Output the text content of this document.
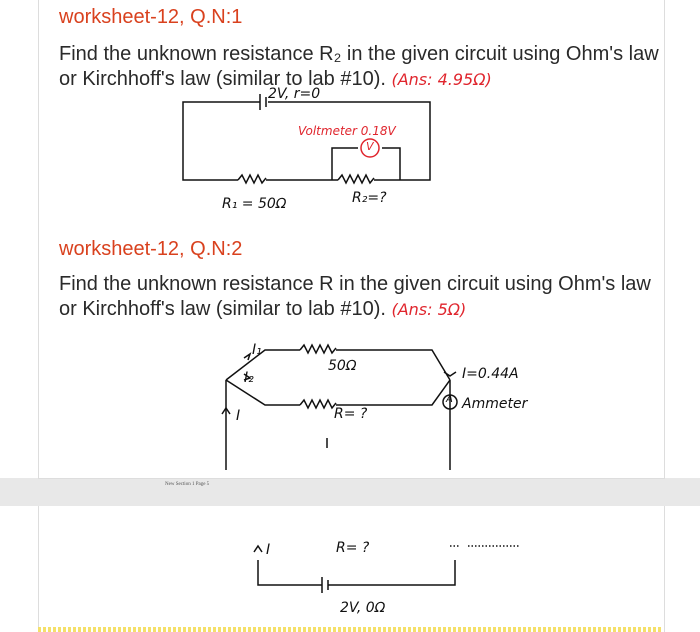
worksheet-12, Q.N:1
Find the unknown resistance R₂ in the given circuit using Ohm's law or Kirchhoff's law (similar to lab #10). (Ans: 4.95Ω)
worksheet-12, Q.N:2
Find the unknown resistance R in the given circuit using Ohm's law or Kirchhoff's law (similar to lab #10). (Ans: 5Ω)
2V, r=0
Voltmeter 0.18V
V
R₁ = 50Ω	R₂=?
I₁
I₂
I
50Ω
R= ?
I=0.44A
A Ammeter
New Section 1 Page 5
I	R= ?
2V, 0Ω
